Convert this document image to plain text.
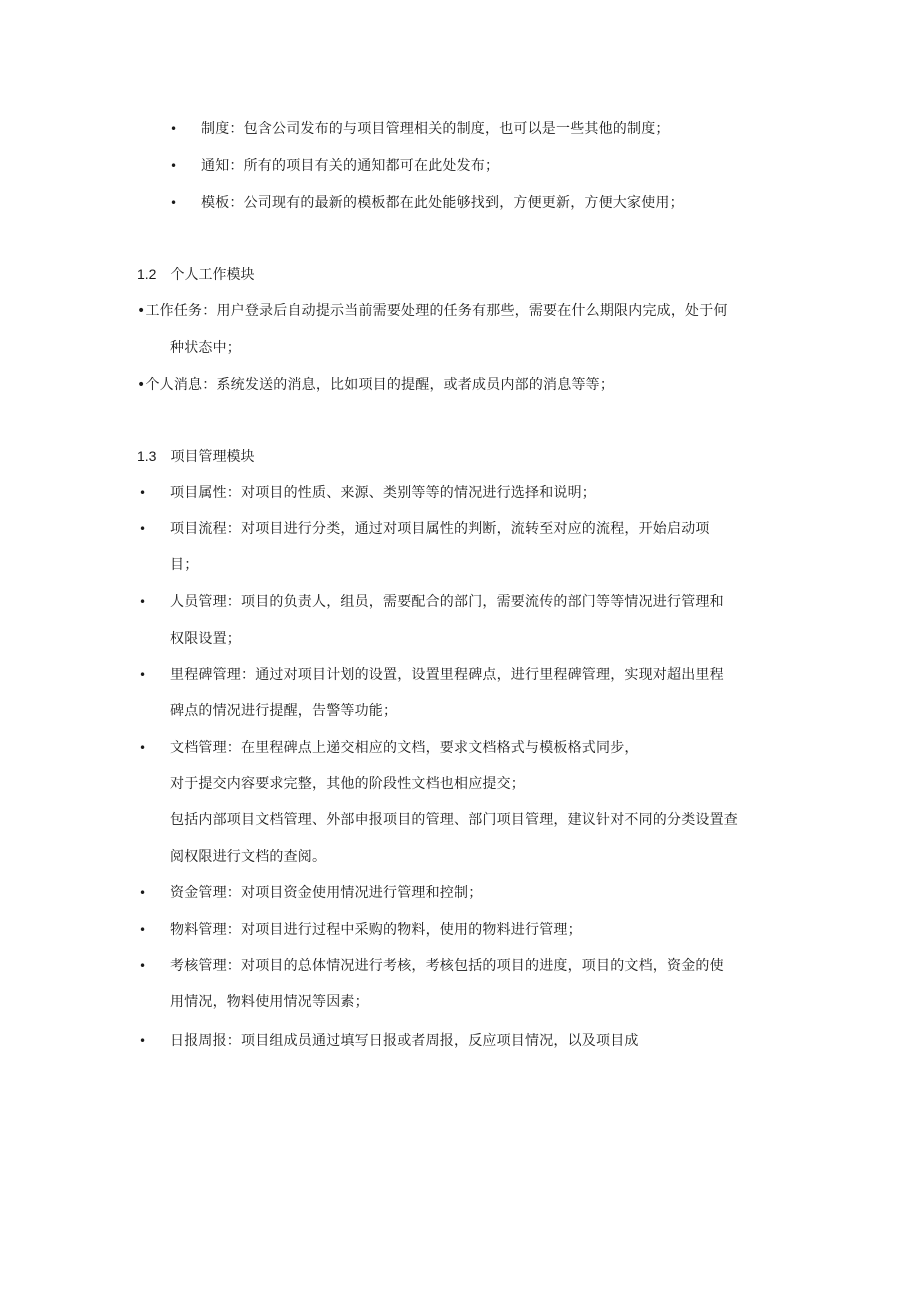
• 制度：包含公司发布的与项目管理相关的制度，也可以是一些其他的制度；
• 通知：所有的项目有关的通知都可在此处发布；
• 模板：公司现有的最新的模板都在此处能够找到，方便更新，方便大家使用；
1.2 个人工作模块
•工作任务：用户登录后自动提示当前需要处理的任务有那些，需要在什么期限内完成，处于何
种状态中；
•个人消息：系统发送的消息，比如项目的提醒，或者成员内部的消息等等；
1.3 项目管理模块
• 项目属性：对项目的性质、来源、类别等等的情况进行选择和说明；
• 项目流程：对项目进行分类，通过对项目属性的判断，流转至对应的流程，开始启动项
目；
• 人员管理：项目的负责人，组员，需要配合的部门，需要流传的部门等等情况进行管理和
权限设置；
• 里程碑管理：通过对项目计划的设置，设置里程碑点，进行里程碑管理，实现对超出里程
碑点的情况进行提醒，告警等功能；
• 文档管理：在里程碑点上递交相应的文档，要求文档格式与模板格式同步，
对于提交内容要求完整，其他的阶段性文档也相应提交；
包括内部项目文档管理、外部申报项目的管理、部门项目管理，建议针对不同的分类设置查
阅权限进行文档的查阅。
• 资金管理：对项目资金使用情况进行管理和控制；
• 物料管理：对项目进行过程中采购的物料，使用的物料进行管理；
• 考核管理：对项目的总体情况进行考核，考核包括的项目的进度，项目的文档，资金的使
用情况，物料使用情况等因素；
• 日报周报：项目组成员通过填写日报或者周报，反应项目情况，以及项目成
